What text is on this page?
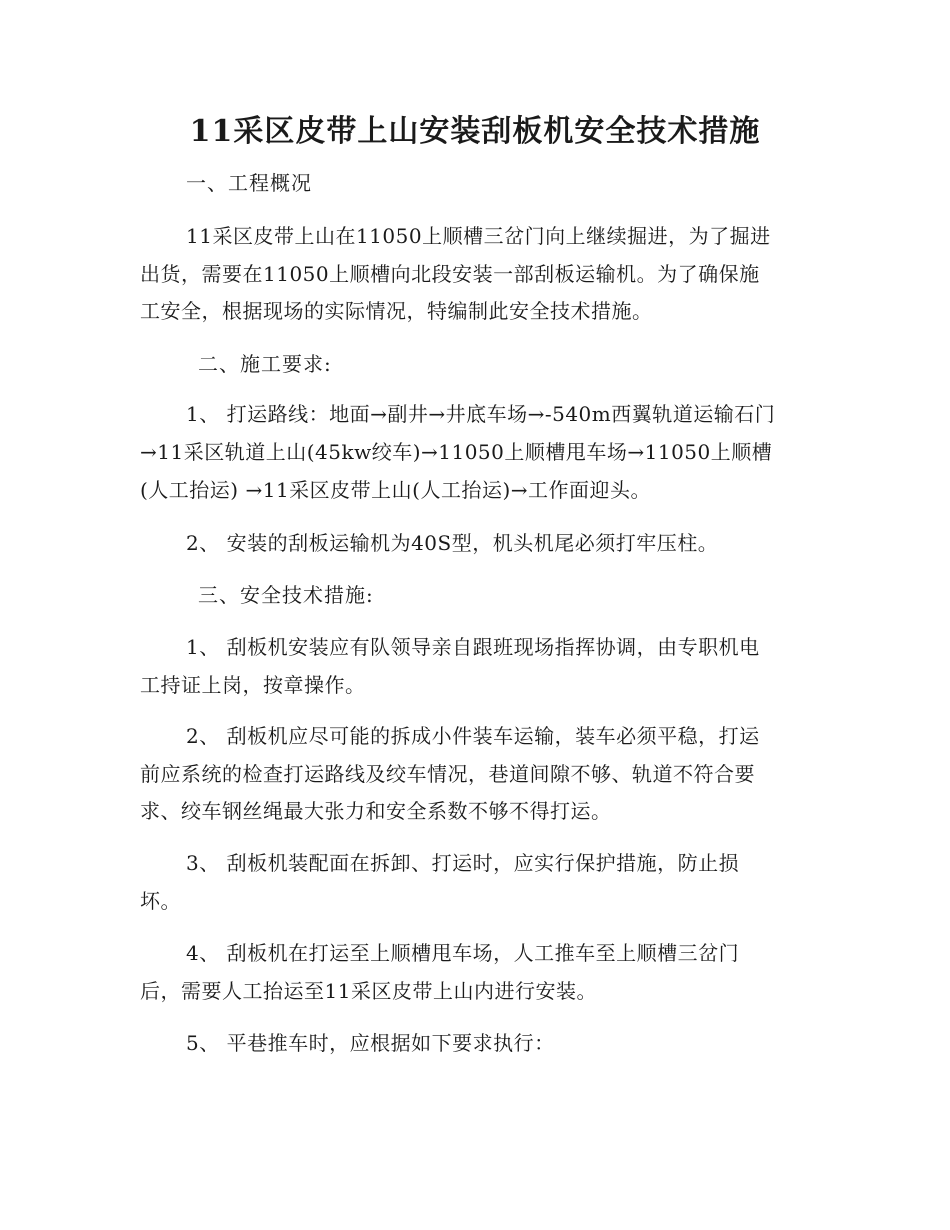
11采区皮带上山安装刮板机安全技术措施
一、工程概况
11采区皮带上山在11050上顺槽三岔门向上继续掘进，为了掘进
出货，需要在11050上顺槽向北段安装一部刮板运输机。为了确保施
工安全，根据现场的实际情况，特编制此安全技术措施。
二、施工要求:
1、 打运路线：地面→副井→井底车场→-540m西翼轨道运输石门
→11采区轨道上山(45kw绞车)→11050上顺槽甩车场→11050上顺槽
(人工抬运) →11采区皮带上山(人工抬运)→工作面迎头。
2、 安装的刮板运输机为40S型，机头机尾必须打牢压柱。
三、安全技术措施:
1、 刮板机安装应有队领导亲自跟班现场指挥协调，由专职机电
工持证上岗，按章操作。
2、 刮板机应尽可能的拆成小件装车运输，装车必须平稳，打运
前应系统的检查打运路线及绞车情况，巷道间隙不够、轨道不符合要
求、绞车钢丝绳最大张力和安全系数不够不得打运。
3、 刮板机装配面在拆卸、打运时，应实行保护措施，防止损
坏。
4、 刮板机在打运至上顺槽甩车场，人工推车至上顺槽三岔门
后，需要人工抬运至11采区皮带上山内进行安装。
5、 平巷推车时，应根据如下要求执行：
